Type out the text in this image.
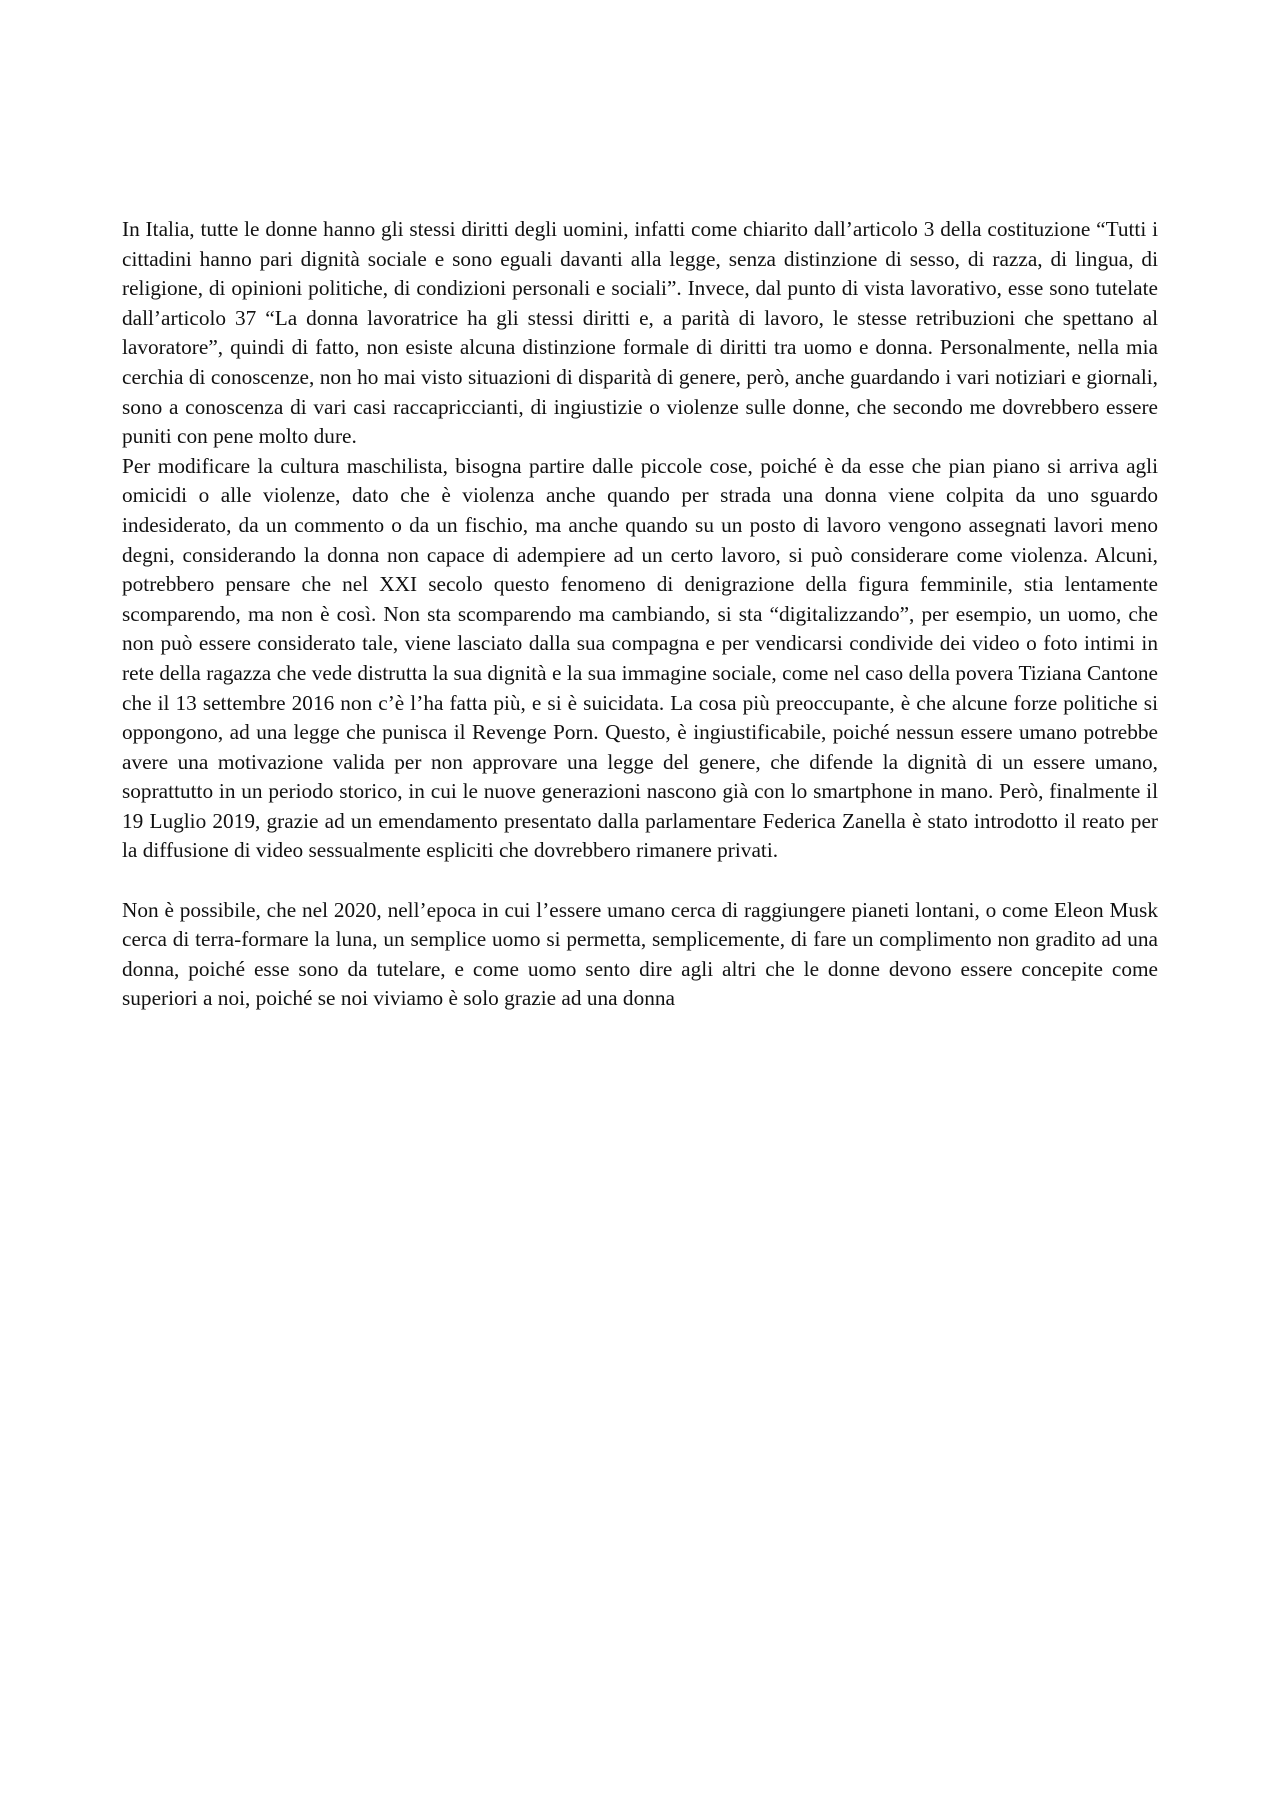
In Italia, tutte le donne hanno gli stessi diritti degli uomini, infatti come chiarito dall’articolo 3 della costituzione “Tutti i cittadini hanno pari dignità sociale e sono eguali davanti alla legge, senza distinzione di sesso, di razza, di lingua, di religione, di opinioni politiche, di condizioni personali e sociali”. Invece, dal punto di vista lavorativo, esse sono tutelate dall’articolo 37 “La donna lavoratrice ha gli stessi diritti e, a parità di lavoro, le stesse retribuzioni che spettano al lavoratore”, quindi di fatto, non esiste alcuna distinzione formale di diritti tra uomo e donna. Personalmente, nella mia cerchia di conoscenze, non ho mai visto situazioni di disparità di genere, però, anche guardando i vari notiziari e giornali, sono a conoscenza di vari casi raccapriccianti, di ingiustizie o violenze sulle donne, che secondo me dovrebbero essere puniti con pene molto dure.

Per modificare la cultura maschilista, bisogna partire dalle piccole cose, poiché è da esse che pian piano si arriva agli omicidi o alle violenze, dato che è violenza anche quando per strada una donna viene colpita da uno sguardo indesiderato, da un commento o da un fischio, ma anche quando su un posto di lavoro vengono assegnati lavori meno degni, considerando la donna non capace di adempiere ad un certo lavoro, si può considerare come violenza. Alcuni, potrebbero pensare che nel XXI secolo questo fenomeno di denigrazione della figura femminile, stia lentamente scomparendo, ma non è così. Non sta scomparendo ma cambiando, si sta “digitalizzando”, per esempio, un uomo, che non può essere considerato tale, viene lasciato dalla sua compagna e per vendicarsi condivide dei video o foto intimi in rete della ragazza che vede distrutta la sua dignità e la sua immagine sociale, come nel caso della povera Tiziana Cantone che il 13 settembre 2016 non c’è l’ha fatta più, e si è suicidata. La cosa più preoccupante, è che alcune forze politiche si oppongono, ad una legge che punisca il Revenge Porn. Questo, è ingiustificabile, poiché nessun essere umano potrebbe avere una motivazione valida per non approvare una legge del genere, che difende la dignità di un essere umano, soprattutto in un periodo storico, in cui le nuove generazioni nascono già con lo smartphone in mano. Però, finalmente il 19 Luglio 2019, grazie ad un emendamento presentato dalla parlamentare Federica Zanella è stato introdotto il reato per la diffusione di video sessualmente espliciti che dovrebbero rimanere privati.

Non è possibile, che nel 2020, nell’epoca in cui l’essere umano cerca di raggiungere pianeti lontani, o come Eleon Musk cerca di terra-formare la luna, un semplice uomo si permetta, semplicemente, di fare un complimento non gradito ad una donna, poiché esse sono da tutelare, e come uomo sento dire agli altri che le donne devono essere concepite come superiori a noi, poiché se noi viviamo è solo grazie ad una donna
